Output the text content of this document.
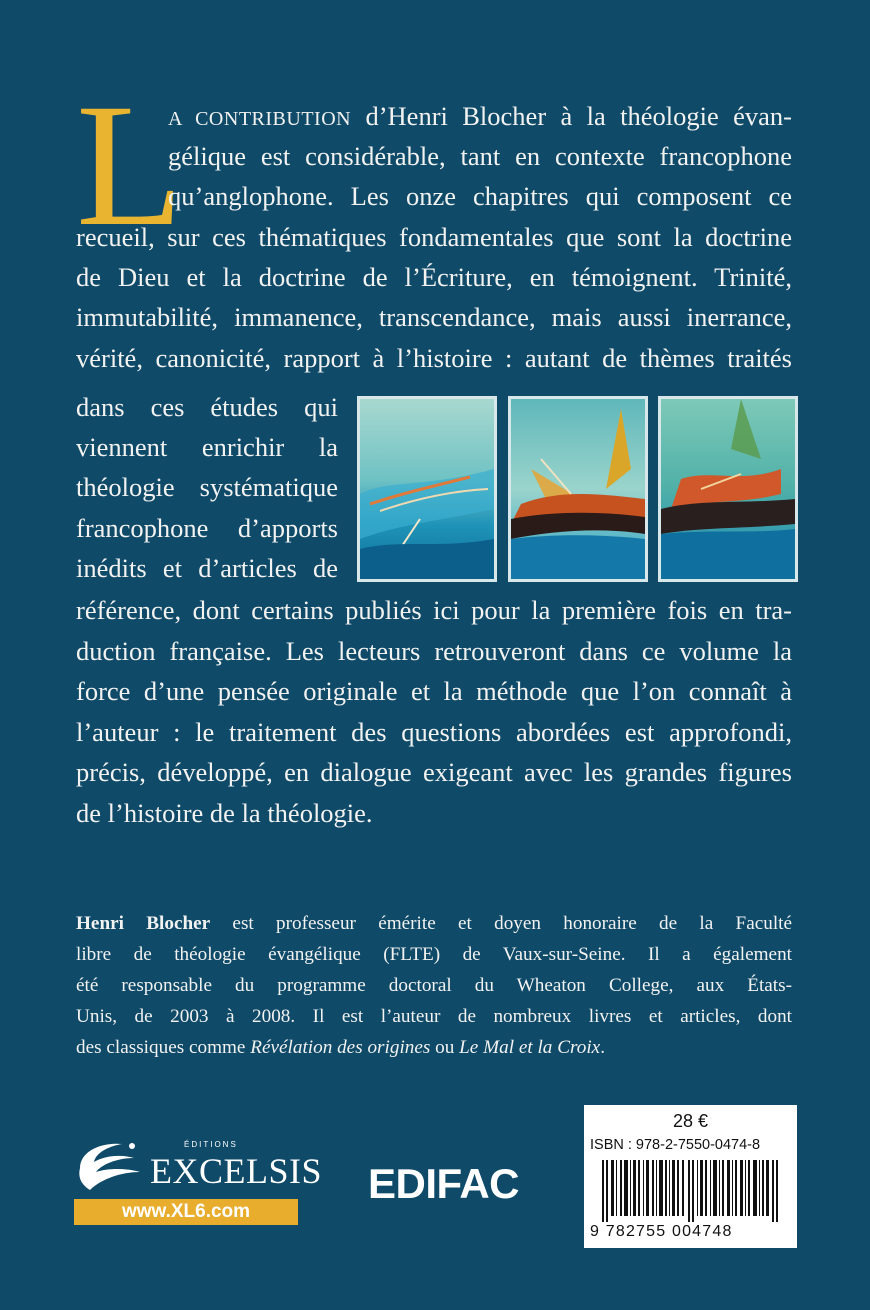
L
A CONTRIBUTION d’Henri Blocher à la théologie évan-
gélique est considérable, tant en contexte francophone
qu’anglophone. Les onze chapitres qui composent ce
recueil, sur ces thématiques fondamentales que sont la doctrine
de Dieu et la doctrine de l’Écriture, en témoignent. Trinité,
immutabilité, immanence, transcendance, mais aussi inerrance,
vérité, canonicité, rapport à l’histoire : autant de thèmes traités
dans ces études qui
viennent enrichir la
théologie systématique
francophone d’apports
inédits et d’articles de
référence, dont certains publiés ici pour la première fois en tra-
duction française. Les lecteurs retrouveront dans ce volume la
force d’une pensée originale et la méthode que l’on connaît à
l’auteur : le traitement des questions abordées est approfondi,
précis, développé, en dialogue exigeant avec les grandes figures
de l’histoire de la théologie.
Henri Blocher est professeur émérite et doyen honoraire de la Faculté
libre de théologie évangélique (FLTE) de Vaux-sur-Seine. Il a également
été responsable du programme doctoral du Wheaton College, aux États-
Unis, de 2003 à 2008. Il est l’auteur de nombreux livres et articles, dont
des classiques comme Révélation des origines ou Le Mal et la Croix.
ÉDITIONS
EXCELSIS
www.XL6.com
EDIFAC
28 €
ISBN : 978-2-7550-0474-8
9 782755 004748
